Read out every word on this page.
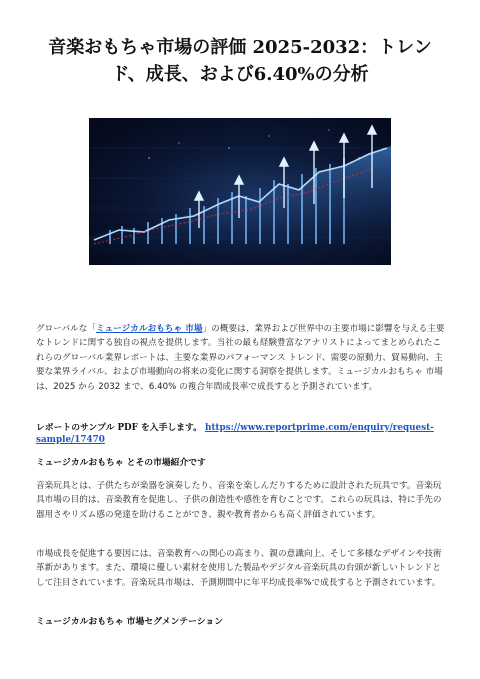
音楽おもちゃ市場の評価 2025-2032：トレンド、成長、および6.40%の分析

グローバルな「ミュージカルおもちゃ 市場」の概要は、業界および世界中の主要市場に影響を与える主要なトレンドに関する独自の視点を提供します。当社の最も経験豊富なアナリストによってまとめられたこれらのグローバル業界レポートは、主要な業界のパフォーマンス トレンド、需要の原動力、貿易動向、主要な業界ライバル、および市場動向の将来の変化に関する洞察を提供します。ミュージカルおもちゃ 市場は、2025 から 2032 まで、6.40% の複合年間成長率で成長すると予測されています。

レポートのサンプル PDF を入手します。 https://www.reportprime.com/enquiry/request-sample/17470

ミュージカルおもちゃ とその市場紹介です

音楽玩具とは、子供たちが楽器を演奏したり、音楽を楽しんだりするために設計された玩具です。音楽玩具市場の目的は、音楽教育を促進し、子供の創造性や感性を育むことです。これらの玩具は、特に手先の器用さやリズム感の発達を助けることができ、親や教育者からも高く評価されています。

市場成長を促進する要因には、音楽教育への関心の高まり、親の意識向上、そして多様なデザインや技術革新があります。また、環境に優しい素材を使用した製品やデジタル音楽玩具の台頭が新しいトレンドとして注目されています。音楽玩具市場は、予測期間中に年平均成長率%で成長すると予測されています。

ミュージカルおもちゃ 市場セグメンテーション
